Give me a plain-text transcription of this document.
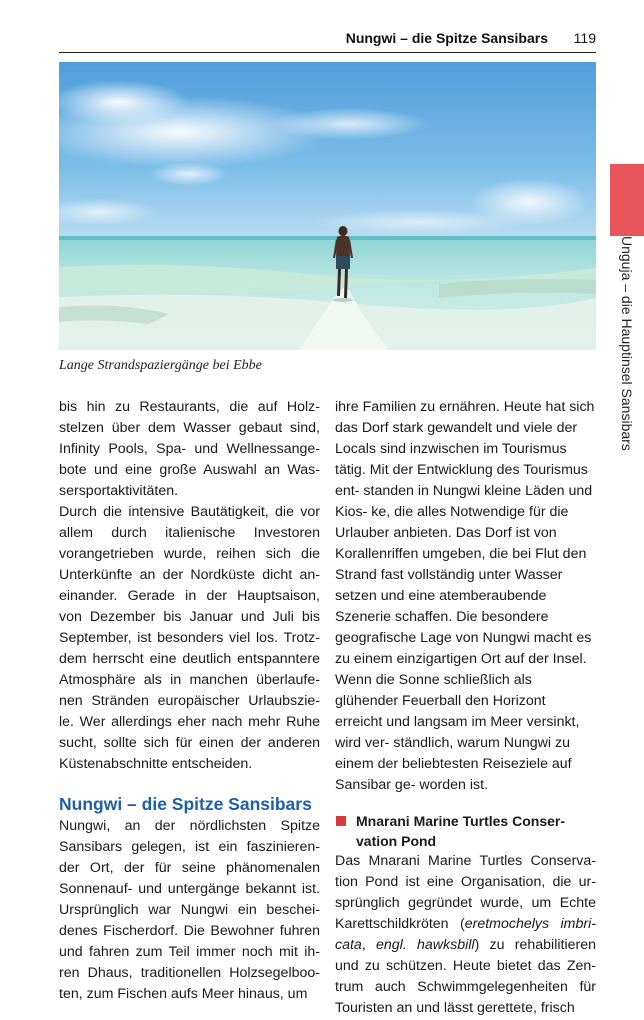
Nungwi – die Spitze Sansibars	119
Unguja – die Hauptinsel Sansibars
Lange Strandspaziergänge bei Ebbe

bis hin zu Restaurants, die auf Holz- stelzen über dem Wasser gebaut sind, Infinity Pools, Spa- und Wellnessange- bote und eine große Auswahl an Was- sersportaktivitäten.

Durch die intensive Bautätigkeit, die vor allem durch italienische Investoren vorangetrieben wurde, reihen sich die Unterkünfte an der Nordküste dicht an- einander. Gerade in der Hauptsaison, von Dezember bis Januar und Juli bis September, ist besonders viel los. Trotz- dem herrscht eine deutlich entspanntere Atmosphäre als in manchen überlaufe- nen Stränden europäischer Urlaubszie- le. Wer allerdings eher nach mehr Ruhe sucht, sollte sich für einen der anderen Küstenabschnitte entscheiden.

Nungwi – die Spitze Sansibars

Nungwi, an der nördlichsten Spitze Sansibars gelegen, ist ein faszinieren- der Ort, der für seine phänomenalen Sonnenauf- und untergänge bekannt ist. Ursprünglich war Nungwi ein beschei- denes Fischerdorf. Die Bewohner fuhren und fahren zum Teil immer noch mit ih- ren Dhaus, traditionellen Holzsegelboo- ten, zum Fischen aufs Meer hinaus, um

ihre Familien zu ernähren. Heute hat sich das Dorf stark gewandelt und viele der Locals sind inzwischen im Tourismus tätig. Mit der Entwicklung des Tourismus ent- standen in Nungwi kleine Läden und Kios- ke, die alles Notwendige für die Urlauber anbieten. Das Dorf ist von Korallenriffen umgeben, die bei Flut den Strand fast vollständig unter Wasser setzen und eine atemberaubende Szenerie schaffen. Die besondere geografische Lage von Nungwi macht es zu einem einzigartigen Ort auf der Insel. Wenn die Sonne schließlich als glühender Feuerball den Horizont erreicht und langsam im Meer versinkt, wird ver- ständlich, warum Nungwi zu einem der beliebtesten Reiseziele auf Sansibar ge- worden ist.

Mnarani Marine Turtles Conser-
vation Pond

Das Mnarani Marine Turtles Conserva- tion Pond ist eine Organisation, die ur- sprünglich gegründet wurde, um Echte Karettschildkröten (eretmochelys imbri- cata, engl. hawksbill) zu rehabilitieren und zu schützen. Heute bietet das Zen- trum auch Schwimmgelegenheiten für Touristen an und lässt gerettete, frisch
